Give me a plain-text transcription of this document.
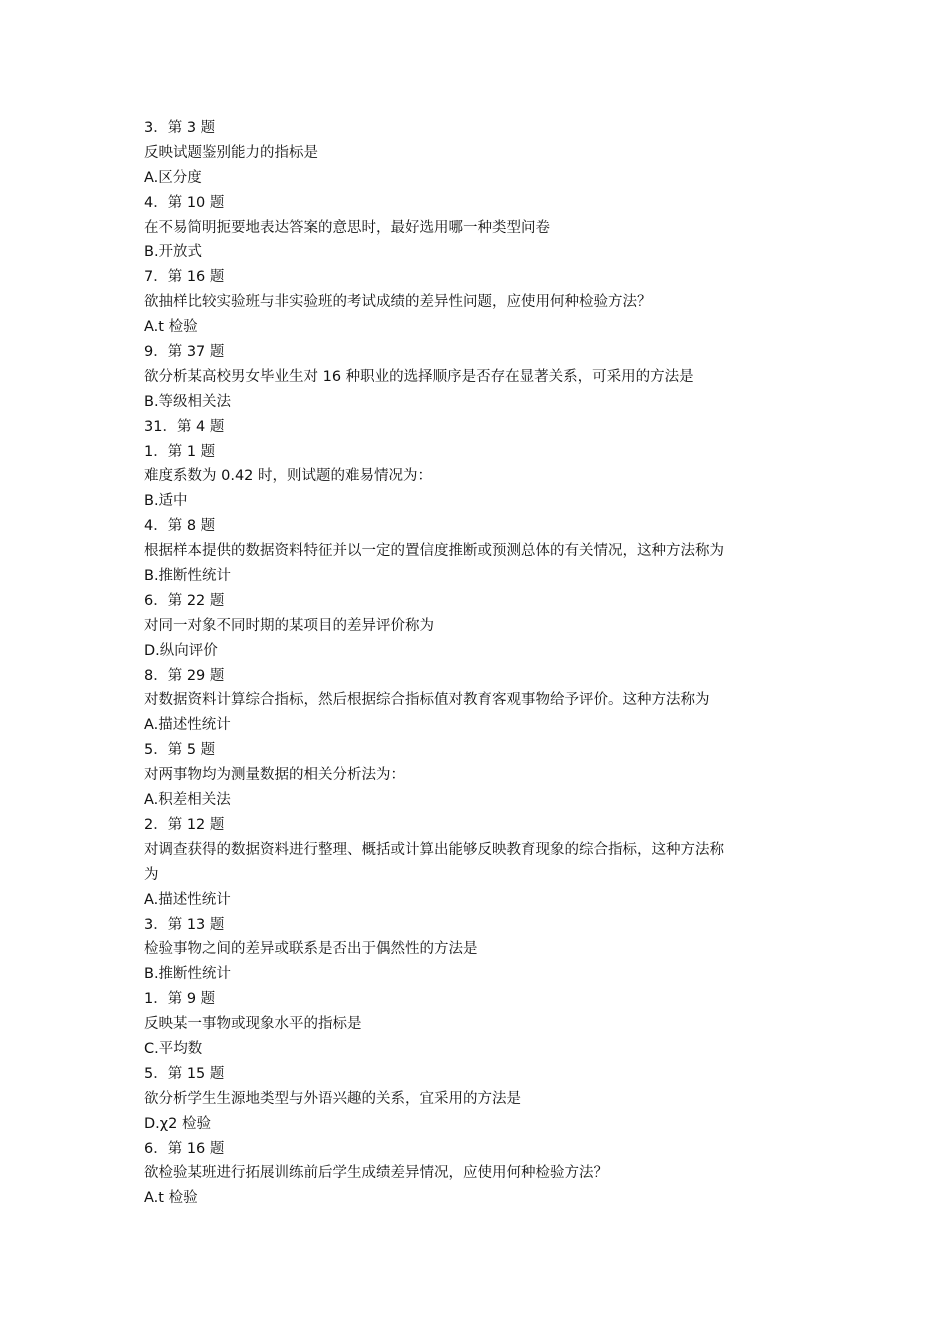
3．第 3 题
反映试题鉴别能力的指标是
A.区分度
4．第 10 题
在不易简明扼要地表达答案的意思时，最好选用哪一种类型问卷
B.开放式
7．第 16 题
欲抽样比较实验班与非实验班的考试成绩的差异性问题，应使用何种检验方法？
A.t 检验
9．第 37 题
欲分析某高校男女毕业生对 16 种职业的选择顺序是否存在显著关系，可采用的方法是
B.等级相关法
31．第 4 题
1．第 1 题
难度系数为 0.42 时，则试题的难易情况为：
B.适中
4．第 8 题
根据样本提供的数据资料特征并以一定的置信度推断或预测总体的有关情况，这种方法称为
B.推断性统计
6．第 22 题
对同一对象不同时期的某项目的差异评价称为
D.纵向评价
8．第 29 题
对数据资料计算综合指标，然后根据综合指标值对教育客观事物给予评价。这种方法称为
A.描述性统计
5．第 5 题
对两事物均为测量数据的相关分析法为：
A.积差相关法
2．第 12 题
对调查获得的数据资料进行整理、概括或计算出能够反映教育现象的综合指标，这种方法称
为
A.描述性统计
3．第 13 题
检验事物之间的差异或联系是否出于偶然性的方法是
B.推断性统计
1．第 9 题
反映某一事物或现象水平的指标是
C.平均数
5．第 15 题
欲分析学生生源地类型与外语兴趣的关系，宜采用的方法是
D.χ2 检验
6．第 16 题
欲检验某班进行拓展训练前后学生成绩差异情况，应使用何种检验方法？
A.t 检验
